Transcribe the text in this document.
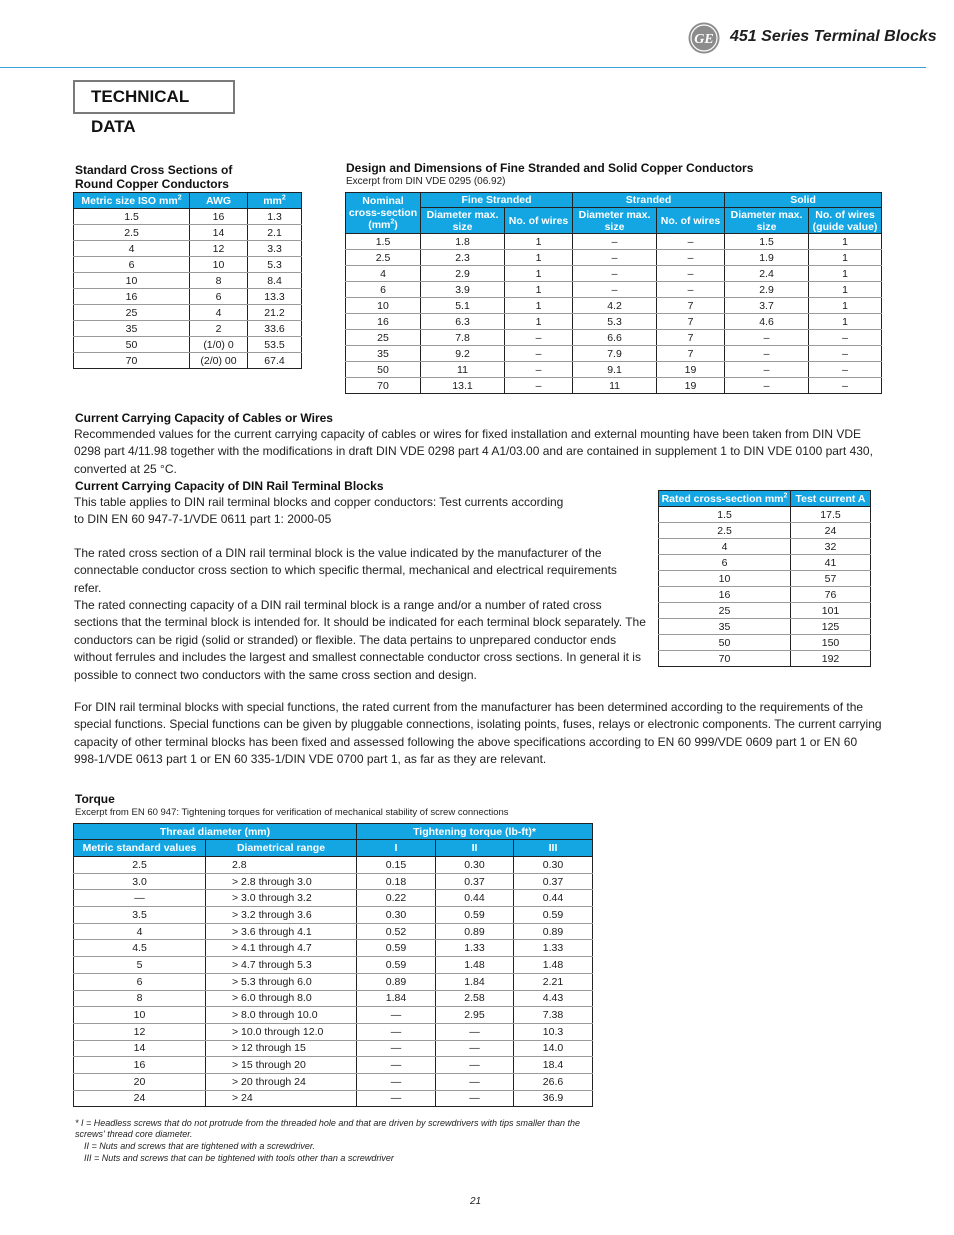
GE 451 Series Terminal Blocks
TECHNICAL DATA
Standard Cross Sections of
Round Copper Conductors
Metric size ISO $mm^2$	AWG	$mm^2$
1.5	16	1.3
2.5	14	2.1
4	12	3.3
6	10	5.3
10	8	8.4
16	6	13.3
25	4	21.2
35	2	33.6
50	(1/0) 0	53.5
70	(2/0) 00	67.4
Design and Dimensions of Fine Stranded and Solid Copper Conductors
Excerpt from DIN VDE 0295 (06.92)
Nominal cross-section $(mm^2)$	Fine Stranded		Stranded		Solid	
	Diameter max. size	No. of wires	Diameter max. size	No. of wires	Diameter max. size	No. of wires (guide value)
1.5	1.8	1	–	–	1.5	1
2.5	2.3	1	–	–	1.9	1
4	2.9	1	–	–	2.4	1
6	3.9	1	–	–	2.9	1
10	5.1	1	4.2	7	3.7	1
16	6.3	1	5.3	7	4.6	1
25	7.8	–	6.6	7	–	–
35	9.2	–	7.9	7	–	–
50	11	–	9.1	19	–	–
70	13.1	–	11	19	–	–
Current Carrying Capacity of Cables or Wires
Recommended values for the current carrying capacity of cables or wires for fixed installation and external mounting have been taken from DIN VDE 0298 part 4/11.98 together with the modifications in draft DIN VDE 0298 part 4 A1/03.00 and are contained in supplement 1 to DIN VDE 0100 part 430, converted at 25 °C.
Current Carrying Capacity of DIN Rail Terminal Blocks
This table applies to DIN rail terminal blocks and copper conductors: Test currents according to DIN EN 60 947-7-1/VDE 0611 part 1: 2000-05
The rated cross section of a DIN rail terminal block is the value indicated by the manufacturer of the connectable conductor cross section to which specific thermal, mechanical and electrical requirements refer.
The rated connecting capacity of a DIN rail terminal block is a range and/or a number of rated cross sections that the terminal block is intended for. It should be indicated for each terminal block separately. The conductors can be rigid (solid or stranded) or flexible. The data pertains to unprepared conductor ends without ferrules and includes the largest and smallest connectable conductor cross sections. In general it is possible to connect two conductors with the same cross section and design.
For DIN rail terminal blocks with special functions, the rated current from the manufacturer has been determined according to the requirements of the special functions. Special functions can be given by pluggable connections, isolating points, fuses, relays or electronic components. The current carrying capacity of other terminal blocks has been fixed and assessed following the above specifications according to EN 60 999/VDE 0609 part 1 or EN 60 998-1/VDE 0613 part 1 or EN 60 335-1/DIN VDE 0700 part 1, as far as they are relevant.
Rated cross-section $mm^2$	Test current A
1.5	17.5
2.5	24
4	32
6	41
10	57
16	76
25	101
35	125
50	150
70	192
Torque
Excerpt from EN 60 947: Tightening torques for verification of mechanical stability of screw connections
Thread diameter (mm)		Tightening torque (lb-ft)*		
Metric standard values	Diametrical range	I	II	III
2.5	2.8	0.15	0.30	0.30
3.0	> 2.8 through 3.0	0.18	0.37	0.37
—	> 3.0 through 3.2	0.22	0.44	0.44
3.5	> 3.2 through 3.6	0.30	0.59	0.59
4	> 3.6 through 4.1	0.52	0.89	0.89
4.5	> 4.1 through 4.7	0.59	1.33	1.33
5	> 4.7 through 5.3	0.59	1.48	1.48
6	> 5.3 through 6.0	0.89	1.84	2.21
8	> 6.0 through 8.0	1.84	2.58	4.43
10	> 8.0 through 10.0	—	2.95	7.38
12	> 10.0 through 12.0	—	—	10.3
14	> 12 through 15	—	—	14.0
16	> 15 through 20	—	—	18.4
20	> 20 through 24	—	—	26.6
24	> 24	—	—	36.9
* I = Headless screws that do not protrude from the threaded hole and that are driven by screwdrivers with tips smaller than the screws' thread core diameter.
II = Nuts and screws that are tightened with a screwdriver.
III = Nuts and screws that can be tightened with tools other than a screwdriver
21
